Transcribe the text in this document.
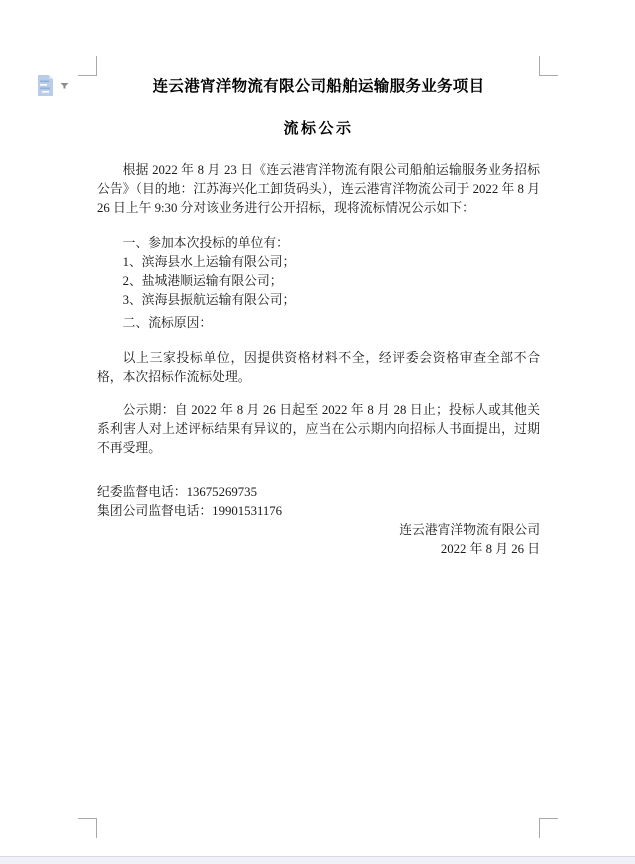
连云港宵洋物流有限公司船舶运输服务业务项目
流标公示

根据 2022 年 8 月 23 日《连云港宵洋物流有限公司船舶运输服务业务招标公告》（目的地：江苏海兴化工卸货码头），连云港宵洋物流公司于 2022 年 8 月 26 日上午 9:30 分对该业务进行公开招标，现将流标情况公示如下：

一、参加本次投标的单位有：

1、滨海县水上运输有限公司；

2、盐城港顺运输有限公司；

3、滨海县振航运输有限公司；

二、流标原因：

以上三家投标单位，因提供资格材料不全，经评委会资格审查全部不合格，本次招标作流标处理。

公示期：自 2022 年 8 月 26 日起至 2022 年 8 月 28 日止；投标人或其他关系利害人对上述评标结果有异议的，应当在公示期内向招标人书面提出，过期不再受理。

纪委监督电话：13675269735

集团公司监督电话：19901531176

连云港宵洋物流有限公司

2022 年 8 月 26 日
